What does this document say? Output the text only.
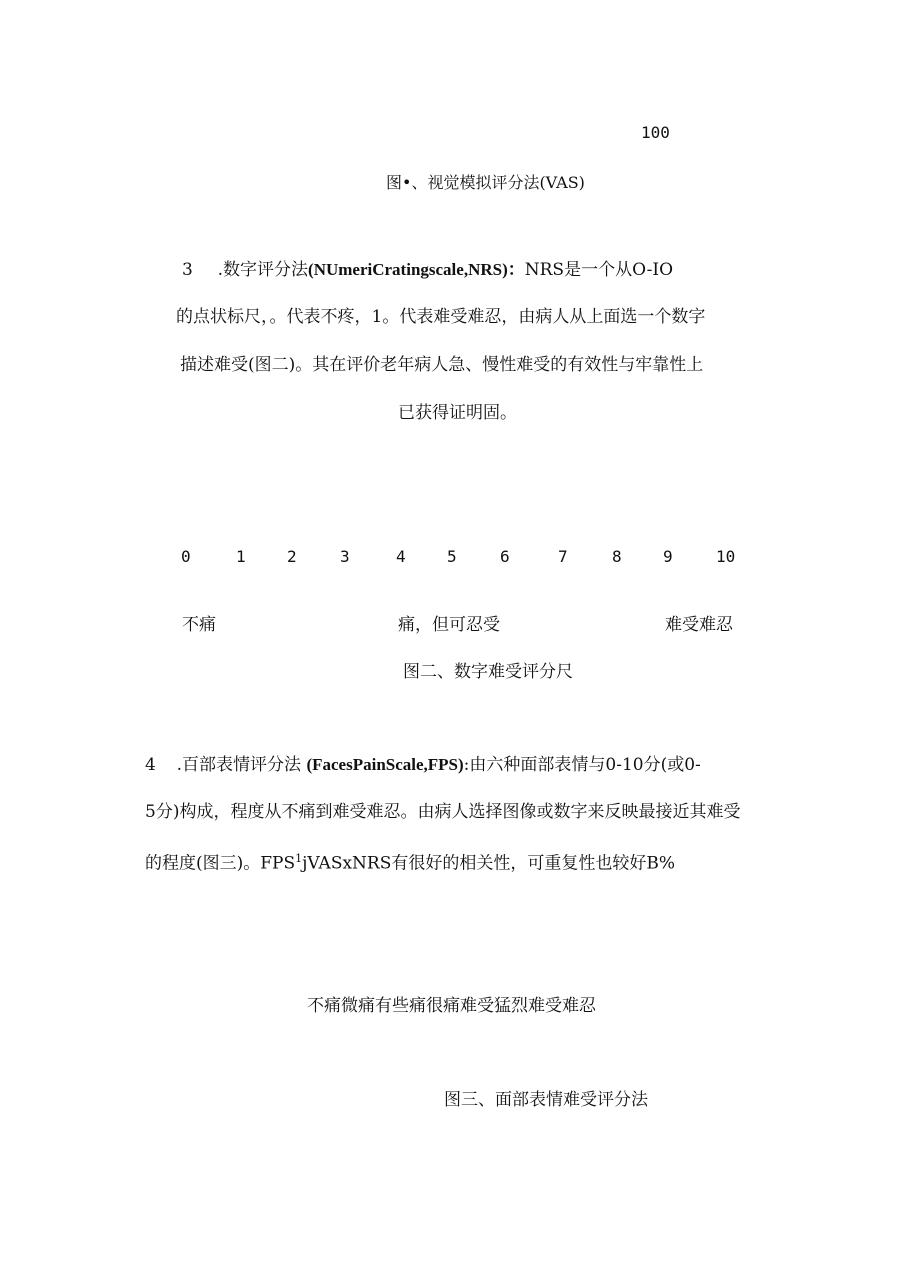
100
图•、视觉模拟评分法(VAS)
3 .数字评分法(NUmeriCratingscale,NRS)：NRS是一个从O-IO
的点状标尺，。代表不疼，1。代表难受难忍，由病人从上面选一个数字
描述难受(图二)。其在评价老年病人急、慢性难受的有效性与牢靠性上
已获得证明固。
0	1	2	3	4	5	6	7	8	9	10
不痛	痛，但可忍受	难受难忍
图二、数字难受评分尺
4 .百部表情评分法 (FacesPainScale,FPS):由六种面部表情与0-10分(或0-
5分)构成，程度从不痛到难受难忍。由病人选择图像或数字来反映最接近其难受
的程度(图三)。FPS$^1$jVASxNRS有很好的相关性，可重复性也较好B%
不痛微痛有些痛很痛难受猛烈难受难忍
图三、面部表情难受评分法
